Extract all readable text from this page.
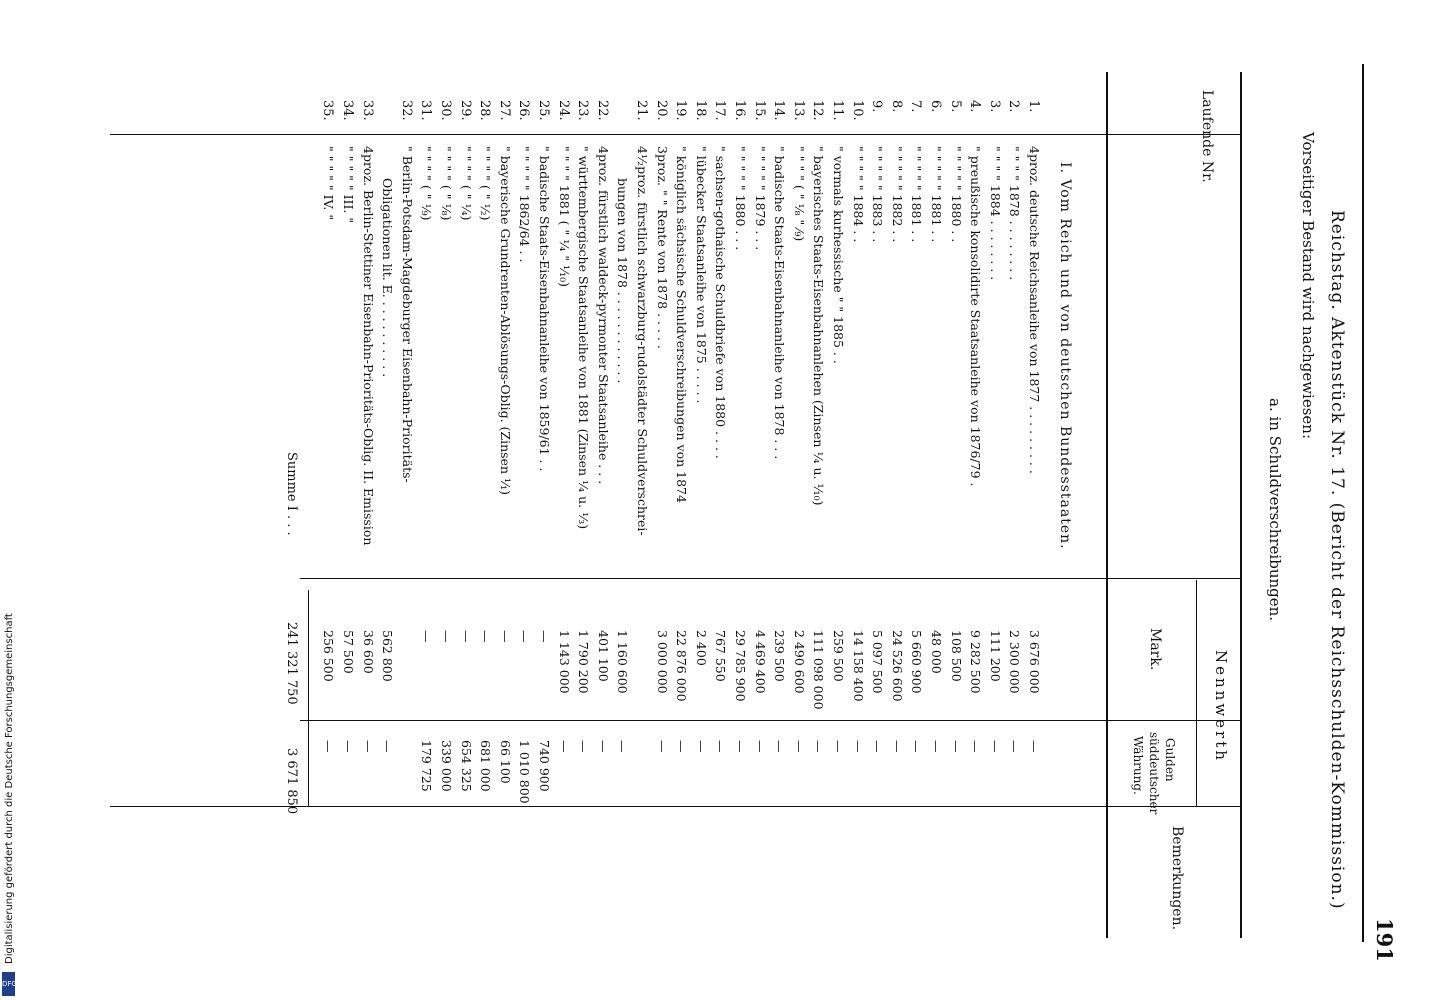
191
Reichstag. Aktenstück Nr. 17. (Bericht der Reichsschulden-Kommission.)
Vorseitiger Bestand wird nachgewiesen:
a. in Schuldverschreibungen.
Laufende Nr.
Nennwerth
Mark.
Gulden
süddeutscher
Währung.
Bemerkungen.
I. Vom Reich und von deutschen Bundesstaaten.
1.
4proz. deutsche Reichsanleihe von 1877 . . . . . . . . .
3 676 000
—
2.
" " " " 1878 . . . . . . . .
2 300 000
—
3.
" " " " 1884 . . . . . . . .
111 200
—
4.
" preußische konsolidirte Staatsanleihe von 1876/79 .
9 282 500
—
5.
" " " " " 1880 . .
108 500
—
6.
" " " " " 1881 . .
48 000
—
7.
" " " " " 1881 . .
5 660 900
—
8.
" " " " " 1882 . .
24 526 600
—
9.
" " " " " 1883 . .
5 097 500
—
10.
" " " " " 1884 . .
14 158 400
—
11.
" vormals kurhessische " " 1885 . .
259 500
—
12.
" bayerisches Staats-Eisenbahnanlehen (Zinsen ¼ u. ¹⁄₁₀)
111 098 000
—
13.
" " " " ( " ⅛ " ⁄₉)
2 490 600
—
14.
" badische Staats-Eisenbahnanleihe von 1878 . . .
239 500
—
15.
" " " " " 1879 . . .
4 469 400
—
16.
" " " " " 1880 . . .
29 785 900
—
17.
" sachsen-gothaische Schuldbriefe von 1880 . . . .
767 550
—
18.
" lübecker Staatsanleihe von 1875 . . . . .
2 400
—
19.
" königlich sächsische Schuldverschreibungen von 1874
22 876 000
—
20.
3proz. " " Rente von 1878 . . . . .
3 000 000
—
21.
4½proz. fürstlich schwarzburg-rudolstädter Schuldverschrei-
bungen von 1878 . . . . . . . . . . . .
1 160 600
—
22.
4proz. fürstlich waldeck-pyrmonter Staatsanleihe . . .
401 100
—
23.
" württembergische Staatsanleihe von 1881 (Zinsen ¼ u. ⅓)
1 790 200
—
24.
" " " " 1881 ( " ¼ " ¹⁄₁₀)
1 143 000
—
25.
" badische Staats-Eisenbahnanleihe von 1859/61 . .
—
740 900
26.
" " " " " 1862/64 . .
—
1 010 800
27.
" bayerische Grundrenten-Ablösungs-Oblig. (Zinsen ¹⁄₁)
—
66 100
28.
" " " " ( " ½)
—
681 000
29.
" " " " ( " ¼)
—
654 325
30.
" " " " ( " ⅛)
—
339 000
31.
" " " " ( " ⅑)
—
179 725
32.
" Berlin-Potsdam-Magdeburger Eisenbahn-Prioritäts-
Obligationen lit. E. . . . . . . . . . .
562 800
—
33.
4proz. Berlin-Stettiner Eisenbahn-Prioritäts-Oblig. II. Emission
36 600
—
34.
" " " " " III. "
57 500
—
35.
" " " " " IV. "
256 500
—
Summe I . . .
241 321 750
3 671 850
Digitalisierung gefördert durch die Deutsche Forschungsgemeinschaft
DFG
